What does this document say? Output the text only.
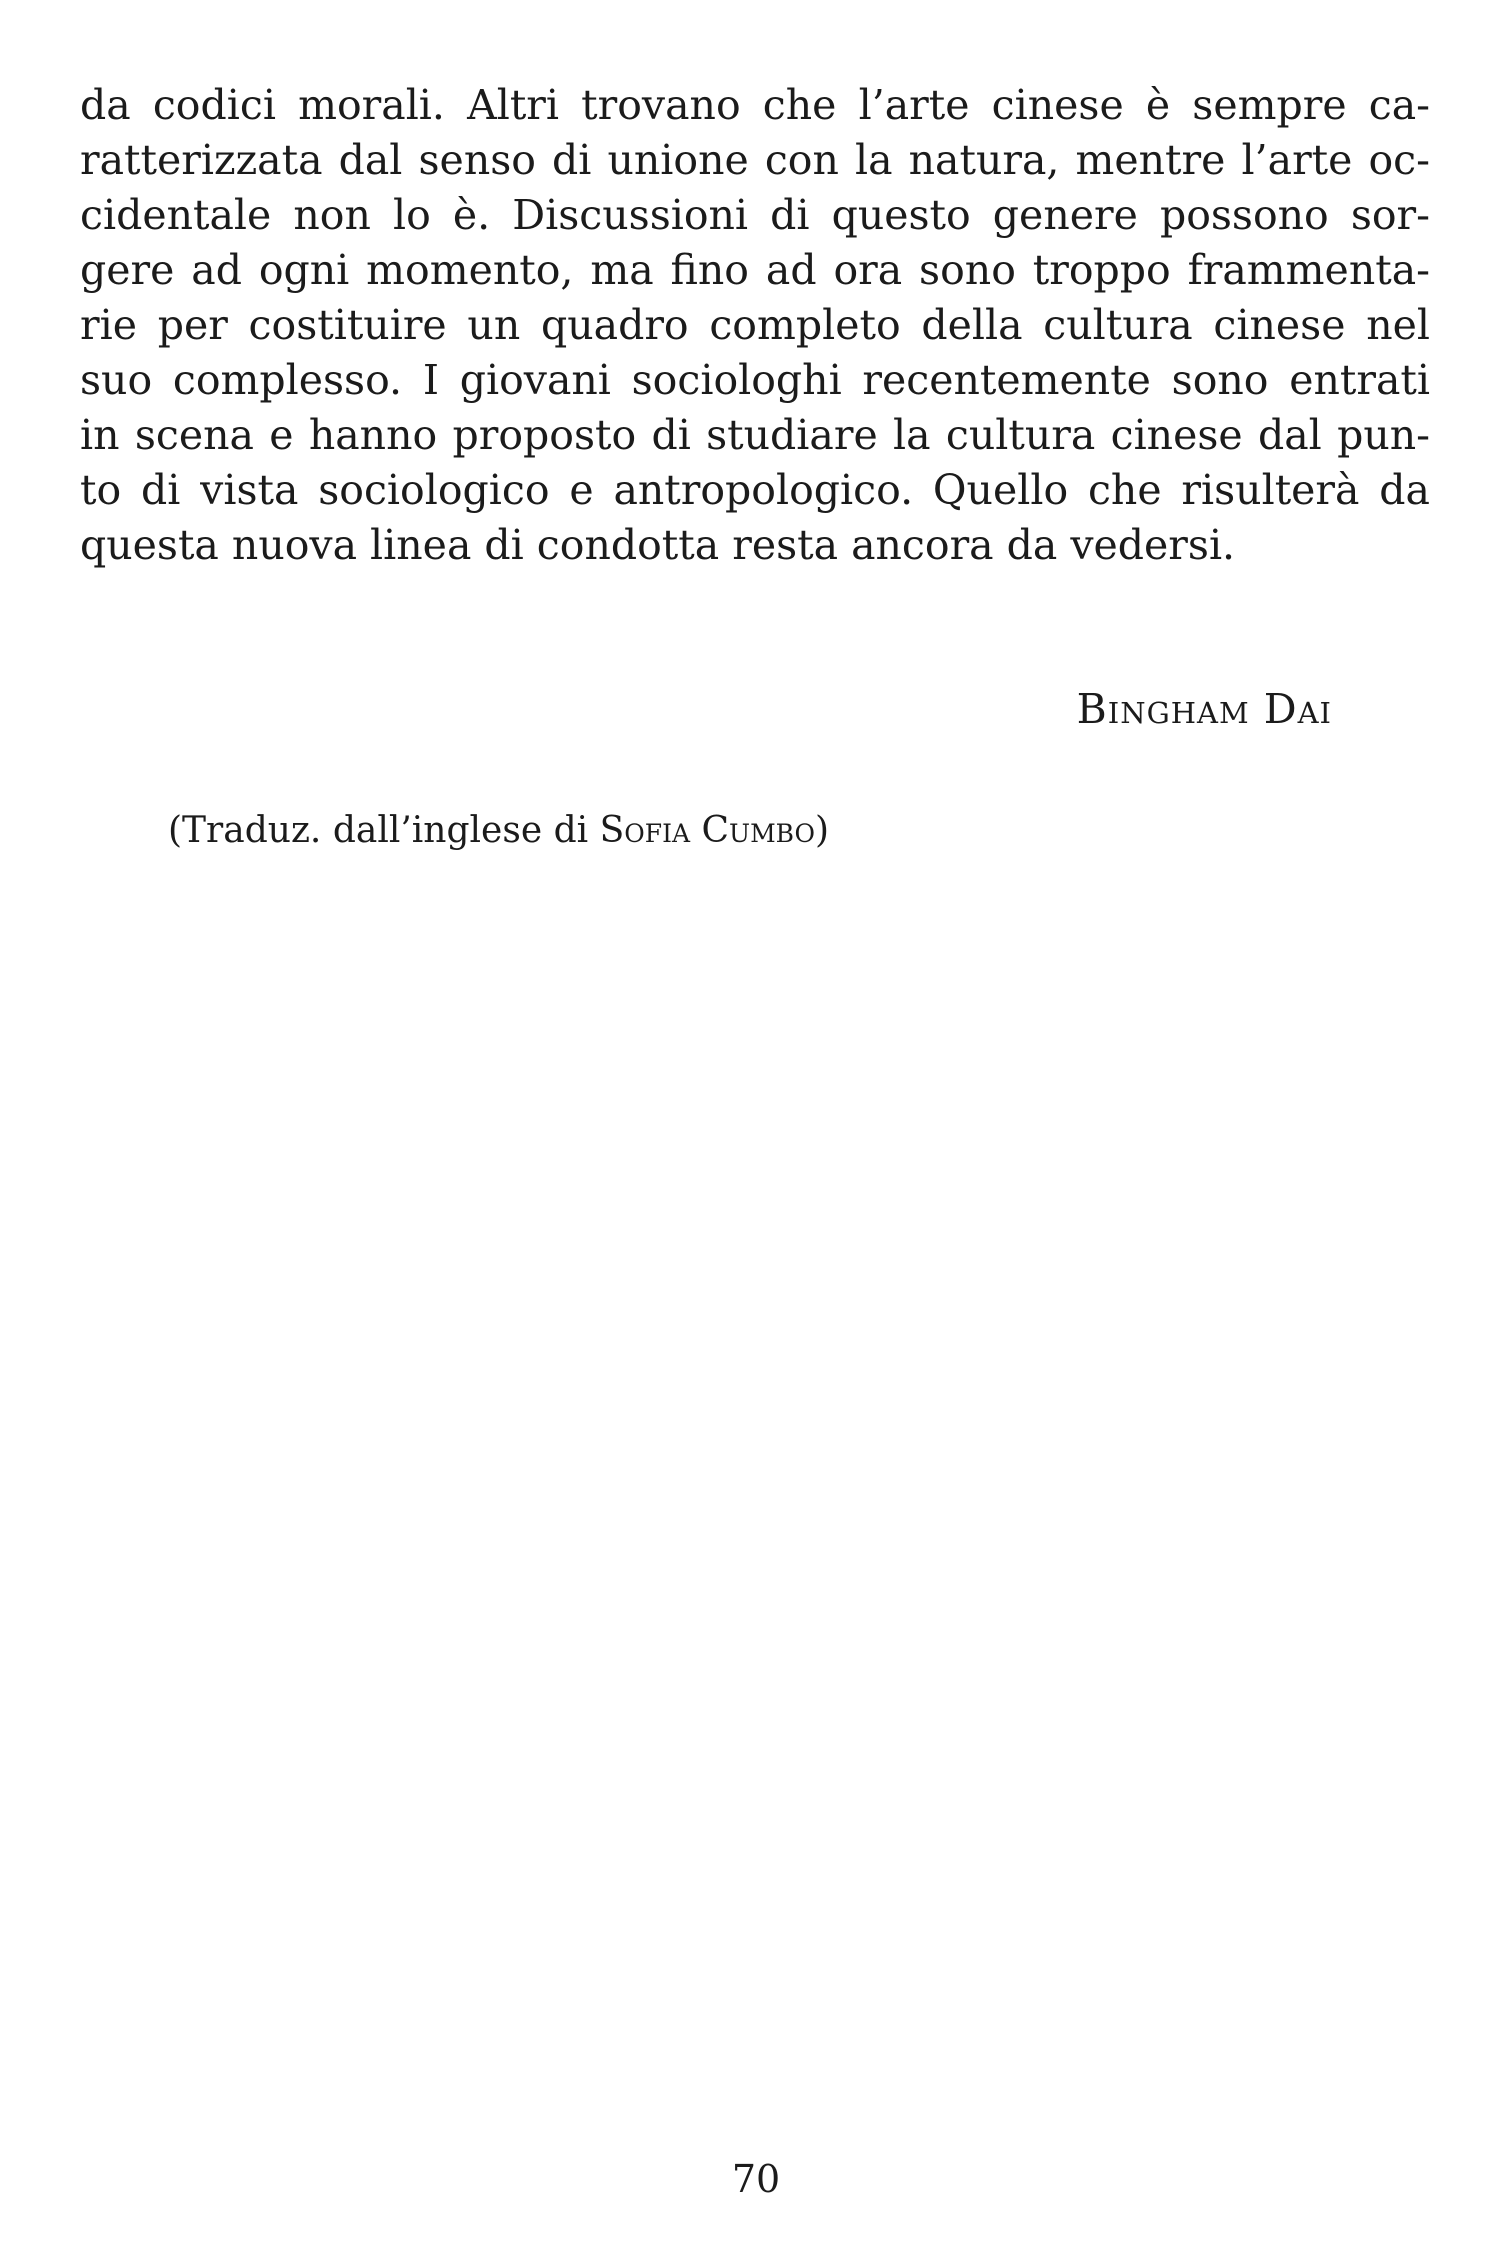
da codici morali. Altri trovano che l’arte cinese è sempre ca-
ratterizzata dal senso di unione con la natura, mentre l’arte oc-
cidentale non lo è. Discussioni di questo genere possono sor-
gere ad ogni momento, ma fino ad ora sono troppo frammenta-
rie per costituire un quadro completo della cultura cinese nel
suo complesso. I giovani sociologhi recentemente sono entrati
in scena e hanno proposto di studiare la cultura cinese dal pun-
to di vista sociologico e antropologico. Quello che risulterà da
questa nuova linea di condotta resta ancora da vedersi.
Bingham Dai
(Traduz. dall’inglese di Sofia Cumbo)
70
